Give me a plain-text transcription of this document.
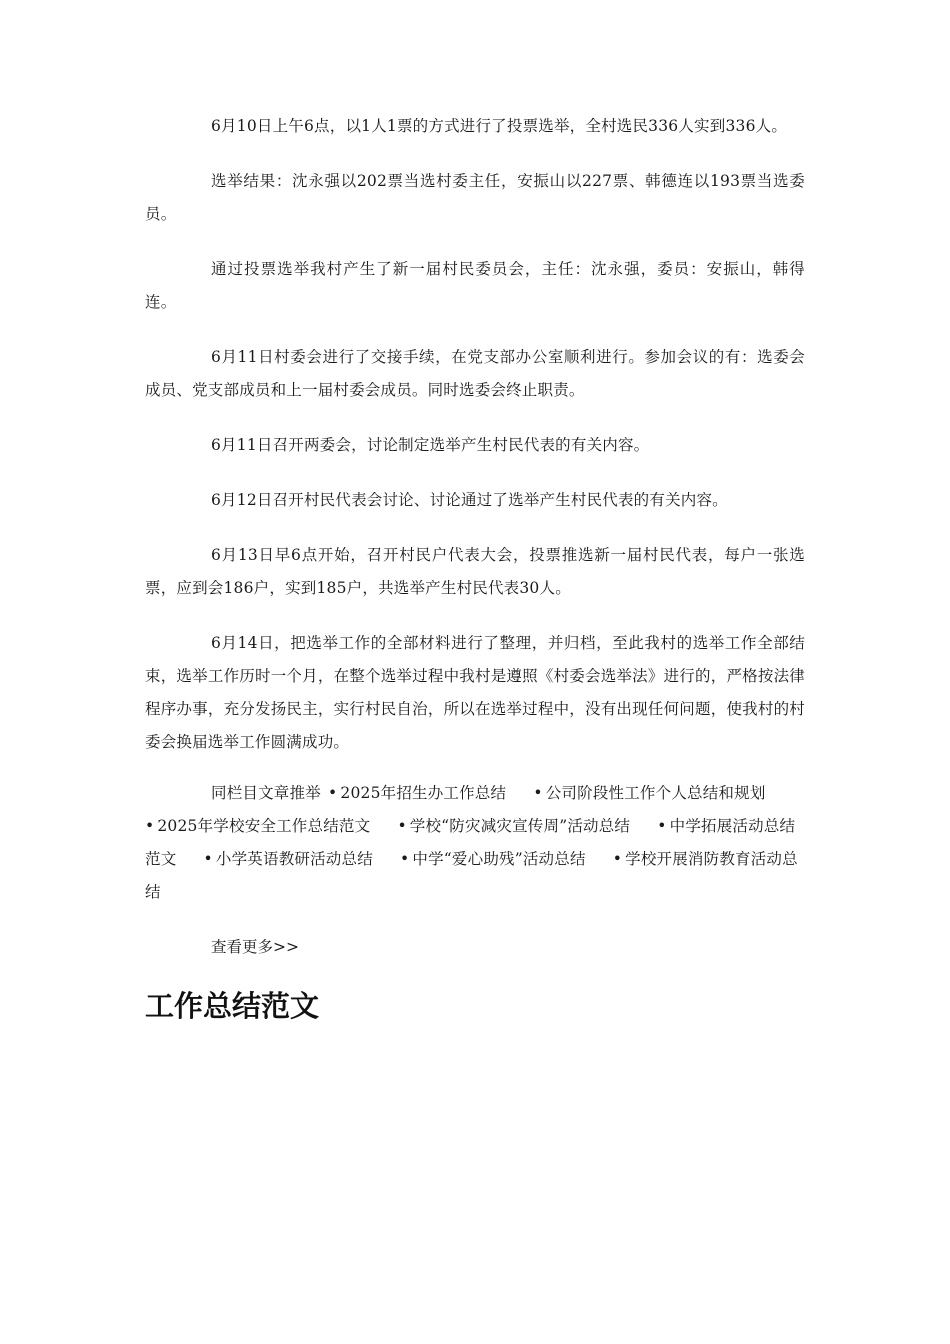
6月10日上午6点，以1人1票的方式进行了投票选举，全村选民336人实到336人。

选举结果：沈永强以202票当选村委主任，安振山以227票、韩德连以193票当选委员。

通过投票选举我村产生了新一届村民委员会，主任：沈永强，委员：安振山，韩得连。

6月11日村委会进行了交接手续，在党支部办公室顺利进行。参加会议的有：选委会成员、党支部成员和上一届村委会成员。同时选委会终止职责。

6月11日召开两委会，讨论制定选举产生村民代表的有关内容。

6月12日召开村民代表会讨论、讨论通过了选举产生村民代表的有关内容。

6月13日早6点开始，召开村民户代表大会，投票推选新一届村民代表，每户一张选票，应到会186户，实到185户，共选举产生村民代表30人。

6月14日，把选举工作的全部材料进行了整理，并归档，至此我村的选举工作全部结束，选举工作历时一个月，在整个选举过程中我村是遵照《村委会选举法》进行的，严格按法律程序办事，充分发扬民主，实行村民自治，所以在选举过程中，没有出现任何问题，使我村的村委会换届选举工作圆满成功。

同栏目文章推举 • 2025年招生办工作总结 • 公司阶段性工作个人总结和规划 • 2025年学校安全工作总结范文 • 学校“防灾减灾宣传周”活动总结 • 中学拓展活动总结范文 • 小学英语教研活动总结 • 中学“爱心助残”活动总结 • 学校开展消防教育活动总结

查看更多>>

工作总结范文
